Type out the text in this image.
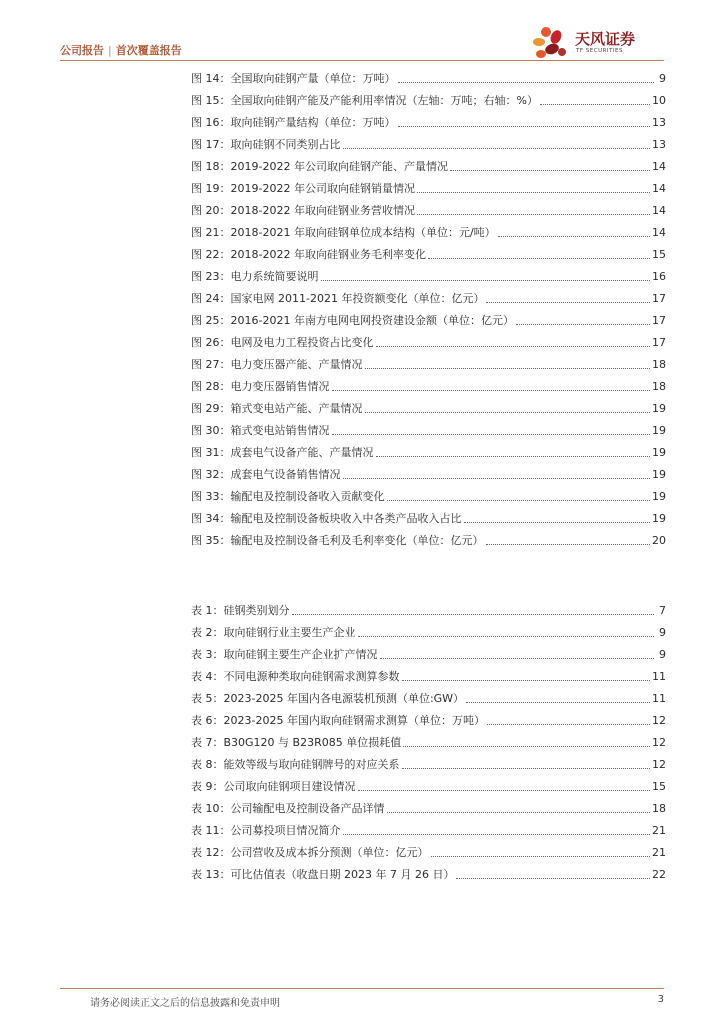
公司报告 | 首次覆盖报告
天风证券
TF SECURITIES
图 14：全国取向硅钢产量（单位：万吨）	9
图 15：全国取向硅钢产能及产能利用率情况（左轴：万吨；右轴：%）	10
图 16：取向硅钢产量结构（单位：万吨）	13
图 17：取向硅钢不同类别占比	13
图 18：2019-2022 年公司取向硅钢产能、产量情况	14
图 19：2019-2022 年公司取向硅钢销量情况	14
图 20：2018-2022 年取向硅钢业务营收情况	14
图 21：2018-2021 年取向硅钢单位成本结构（单位：元/吨）	14
图 22：2018-2022 年取向硅钢业务毛利率变化	15
图 23：电力系统简要说明	16
图 24：国家电网 2011-2021 年投资额变化（单位：亿元）	17
图 25：2016-2021 年南方电网电网投资建设金额（单位：亿元）	17
图 26：电网及电力工程投资占比变化	17
图 27：电力变压器产能、产量情况	18
图 28：电力变压器销售情况	18
图 29：箱式变电站产能、产量情况	19
图 30：箱式变电站销售情况	19
图 31：成套电气设备产能、产量情况	19
图 32：成套电气设备销售情况	19
图 33：输配电及控制设备收入贡献变化	19
图 34：输配电及控制设备板块收入中各类产品收入占比	19
图 35：输配电及控制设备毛利及毛利率变化（单位：亿元）	20
表 1：硅钢类别划分	7
表 2：取向硅钢行业主要生产企业	9
表 3：取向硅钢主要生产企业扩产情况	9
表 4：不同电源种类取向硅钢需求测算参数	11
表 5：2023-2025 年国内各电源装机预测（单位:GW）	11
表 6：2023-2025 年国内取向硅钢需求测算（单位：万吨）	12
表 7：B30G120 与 B23R085 单位损耗值	12
表 8：能效等级与取向硅钢牌号的对应关系	12
表 9：公司取向硅钢项目建设情况	15
表 10：公司输配电及控制设备产品详情	18
表 11：公司募投项目情况简介	21
表 12：公司营收及成本拆分预测（单位：亿元）	21
表 13：可比估值表（收盘日期 2023 年 7 月 26 日）	22
请务必阅读正文之后的信息披露和免责申明	3
